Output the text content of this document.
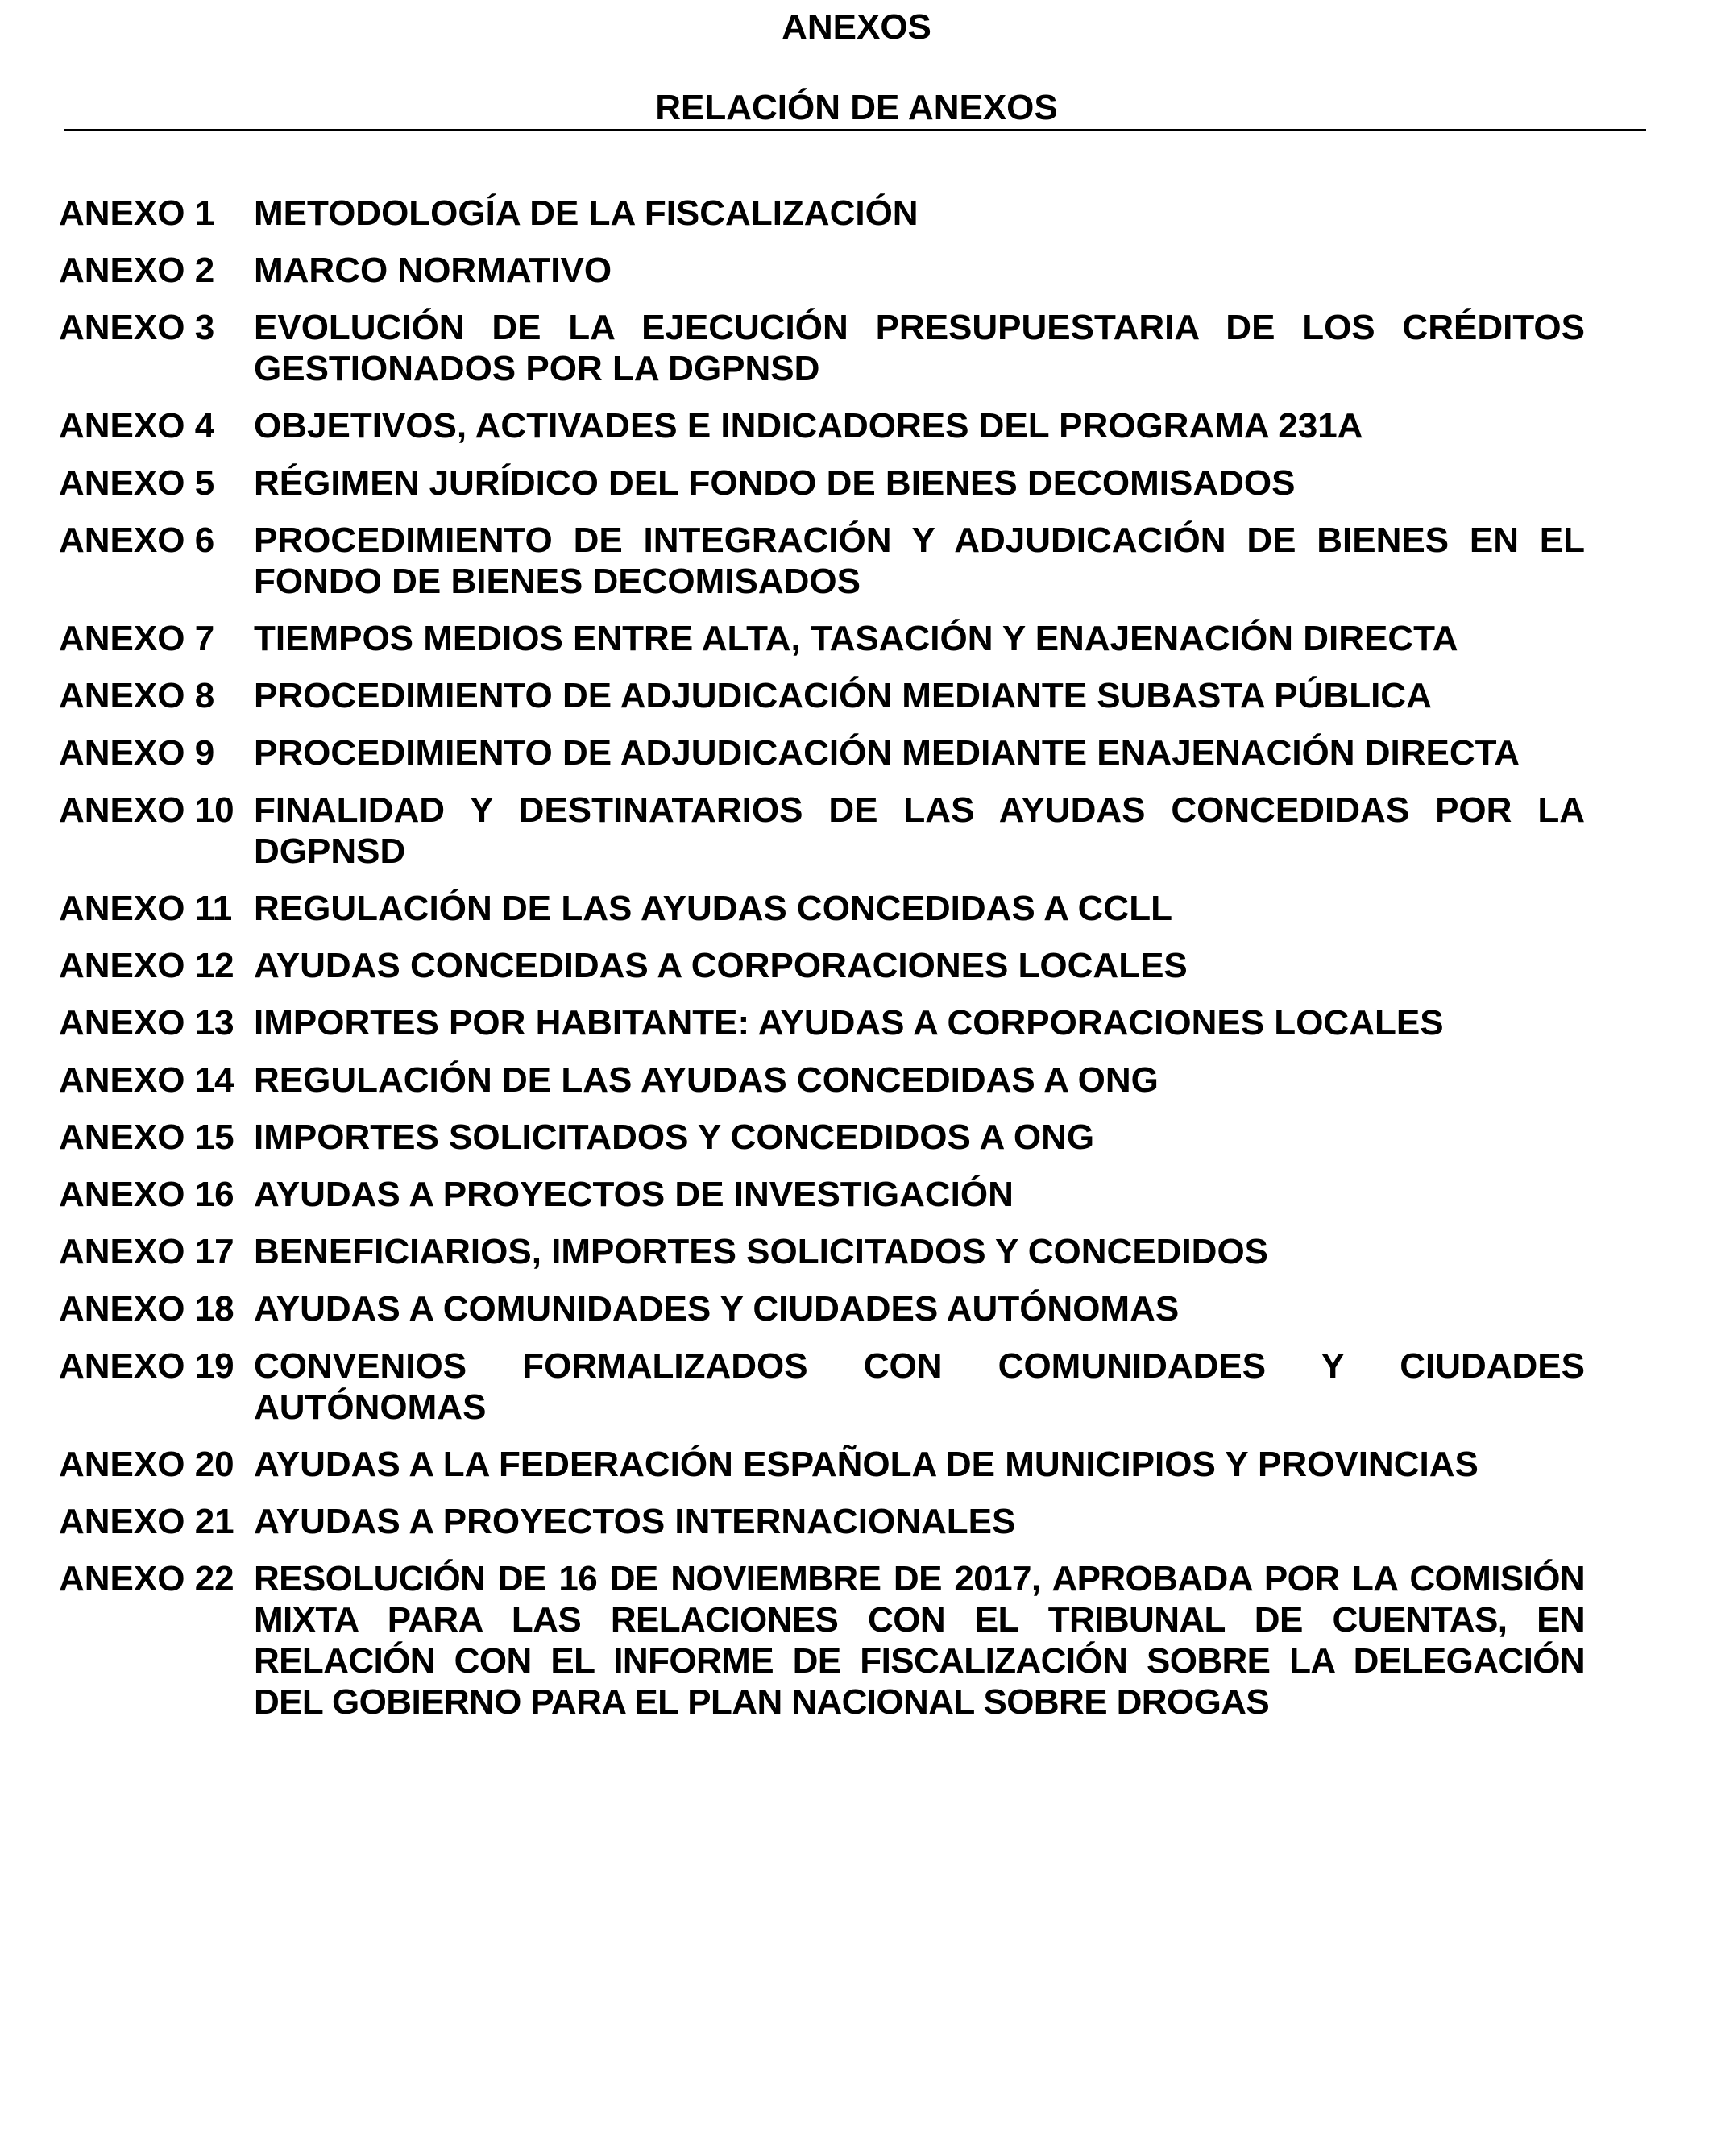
ANEXOS
RELACIÓN DE ANEXOS
ANEXO 1	METODOLOGÍA DE LA FISCALIZACIÓN
ANEXO 2	MARCO NORMATIVO
ANEXO 3	EVOLUCIÓN DE LA EJECUCIÓN PRESUPUESTARIA DE LOS CRÉDITOS GESTIONADOS POR LA DGPNSD
ANEXO 4	OBJETIVOS, ACTIVADES E INDICADORES DEL PROGRAMA 231A
ANEXO 5	RÉGIMEN JURÍDICO DEL FONDO DE BIENES DECOMISADOS
ANEXO 6	PROCEDIMIENTO DE INTEGRACIÓN Y ADJUDICACIÓN DE BIENES EN EL FONDO DE BIENES DECOMISADOS
ANEXO 7	TIEMPOS MEDIOS ENTRE ALTA, TASACIÓN Y ENAJENACIÓN DIRECTA
ANEXO 8	PROCEDIMIENTO DE ADJUDICACIÓN MEDIANTE SUBASTA PÚBLICA
ANEXO 9	PROCEDIMIENTO DE ADJUDICACIÓN MEDIANTE ENAJENACIÓN DIRECTA
ANEXO 10 FINALIDAD Y DESTINATARIOS DE LAS AYUDAS CONCEDIDAS POR LA DGPNSD
ANEXO 11 REGULACIÓN DE LAS AYUDAS CONCEDIDAS A CCLL
ANEXO 12 AYUDAS CONCEDIDAS A CORPORACIONES LOCALES
ANEXO 13 IMPORTES POR HABITANTE: AYUDAS A CORPORACIONES LOCALES
ANEXO 14 REGULACIÓN DE LAS AYUDAS CONCEDIDAS A ONG
ANEXO 15 IMPORTES SOLICITADOS Y CONCEDIDOS A ONG
ANEXO 16 AYUDAS A PROYECTOS DE INVESTIGACIÓN
ANEXO 17 BENEFICIARIOS, IMPORTES SOLICITADOS Y CONCEDIDOS
ANEXO 18 AYUDAS A COMUNIDADES Y CIUDADES AUTÓNOMAS
ANEXO 19 CONVENIOS FORMALIZADOS CON COMUNIDADES Y CIUDADES AUTÓNOMAS
ANEXO 20 AYUDAS A LA FEDERACIÓN ESPAÑOLA DE MUNICIPIOS Y PROVINCIAS
ANEXO 21 AYUDAS A PROYECTOS INTERNACIONALES
ANEXO 22 RESOLUCIÓN DE 16 DE NOVIEMBRE DE 2017, APROBADA POR LA COMISIÓN MIXTA PARA LAS RELACIONES CON EL TRIBUNAL DE CUENTAS, EN RELACIÓN CON EL INFORME DE FISCALIZACIÓN SOBRE LA DELEGACIÓN DEL GOBIERNO PARA EL PLAN NACIONAL SOBRE DROGAS
